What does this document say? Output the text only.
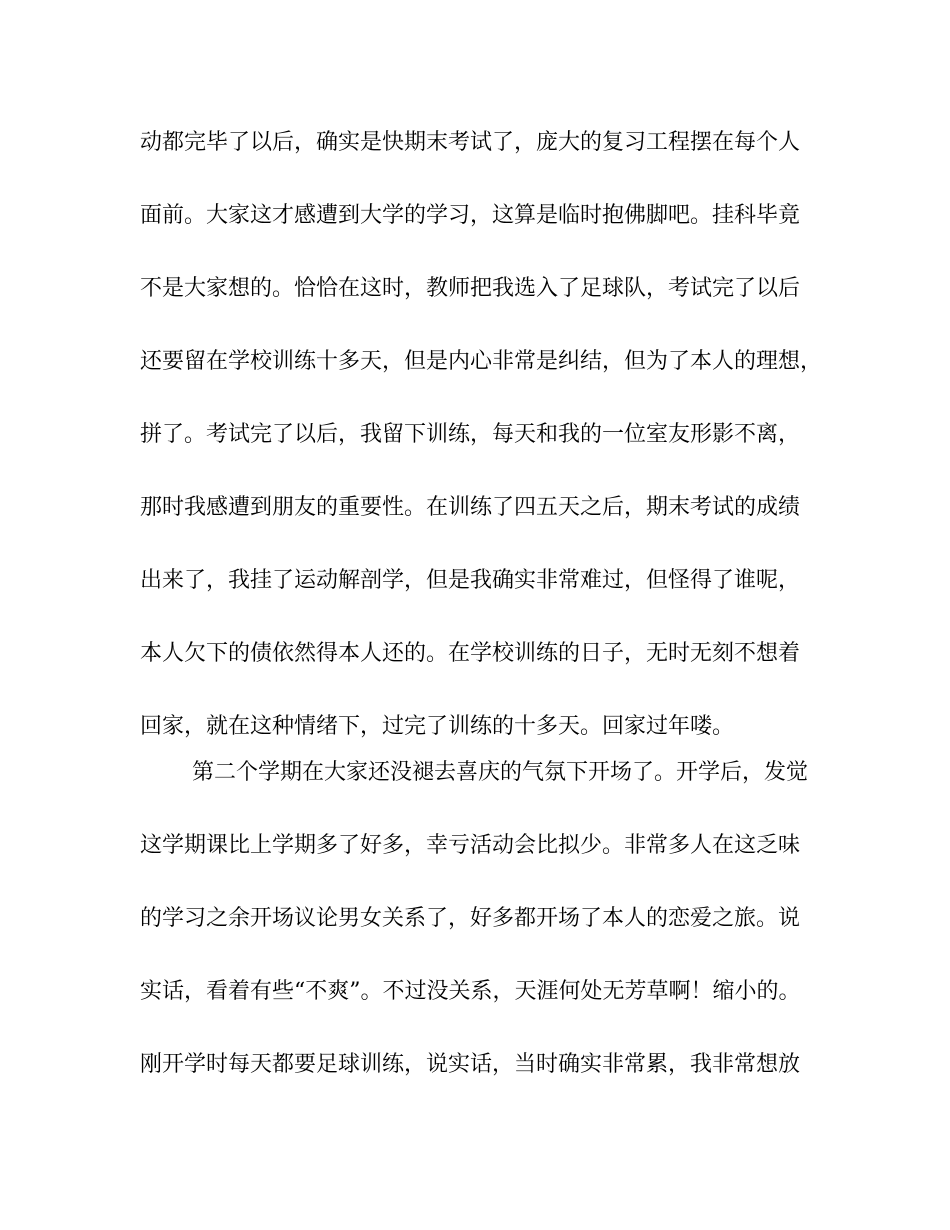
动都完毕了以后，确实是快期末考试了，庞大的复习工程摆在每个人
面前。大家这才感遭到大学的学习，这算是临时抱佛脚吧。挂科毕竟
不是大家想的。恰恰在这时，教师把我选入了足球队，考试完了以后
还要留在学校训练十多天，但是内心非常是纠结，但为了本人的理想，
拼了。考试完了以后，我留下训练，每天和我的一位室友形影不离，
那时我感遭到朋友的重要性。在训练了四五天之后，期末考试的成绩
出来了，我挂了运动解剖学，但是我确实非常难过，但怪得了谁呢，
本人欠下的债依然得本人还的。在学校训练的日子，无时无刻不想着
回家，就在这种情绪下，过完了训练的十多天。回家过年喽。
第二个学期在大家还没褪去喜庆的气氛下开场了。开学后，发觉
这学期课比上学期多了好多，幸亏活动会比拟少。非常多人在这乏味
的学习之余开场议论男女关系了，好多都开场了本人的恋爱之旅。说
实话，看着有些“不爽”。不过没关系，天涯何处无芳草啊！缩小的。
刚开学时每天都要足球训练，说实话，当时确实非常累，我非常想放
